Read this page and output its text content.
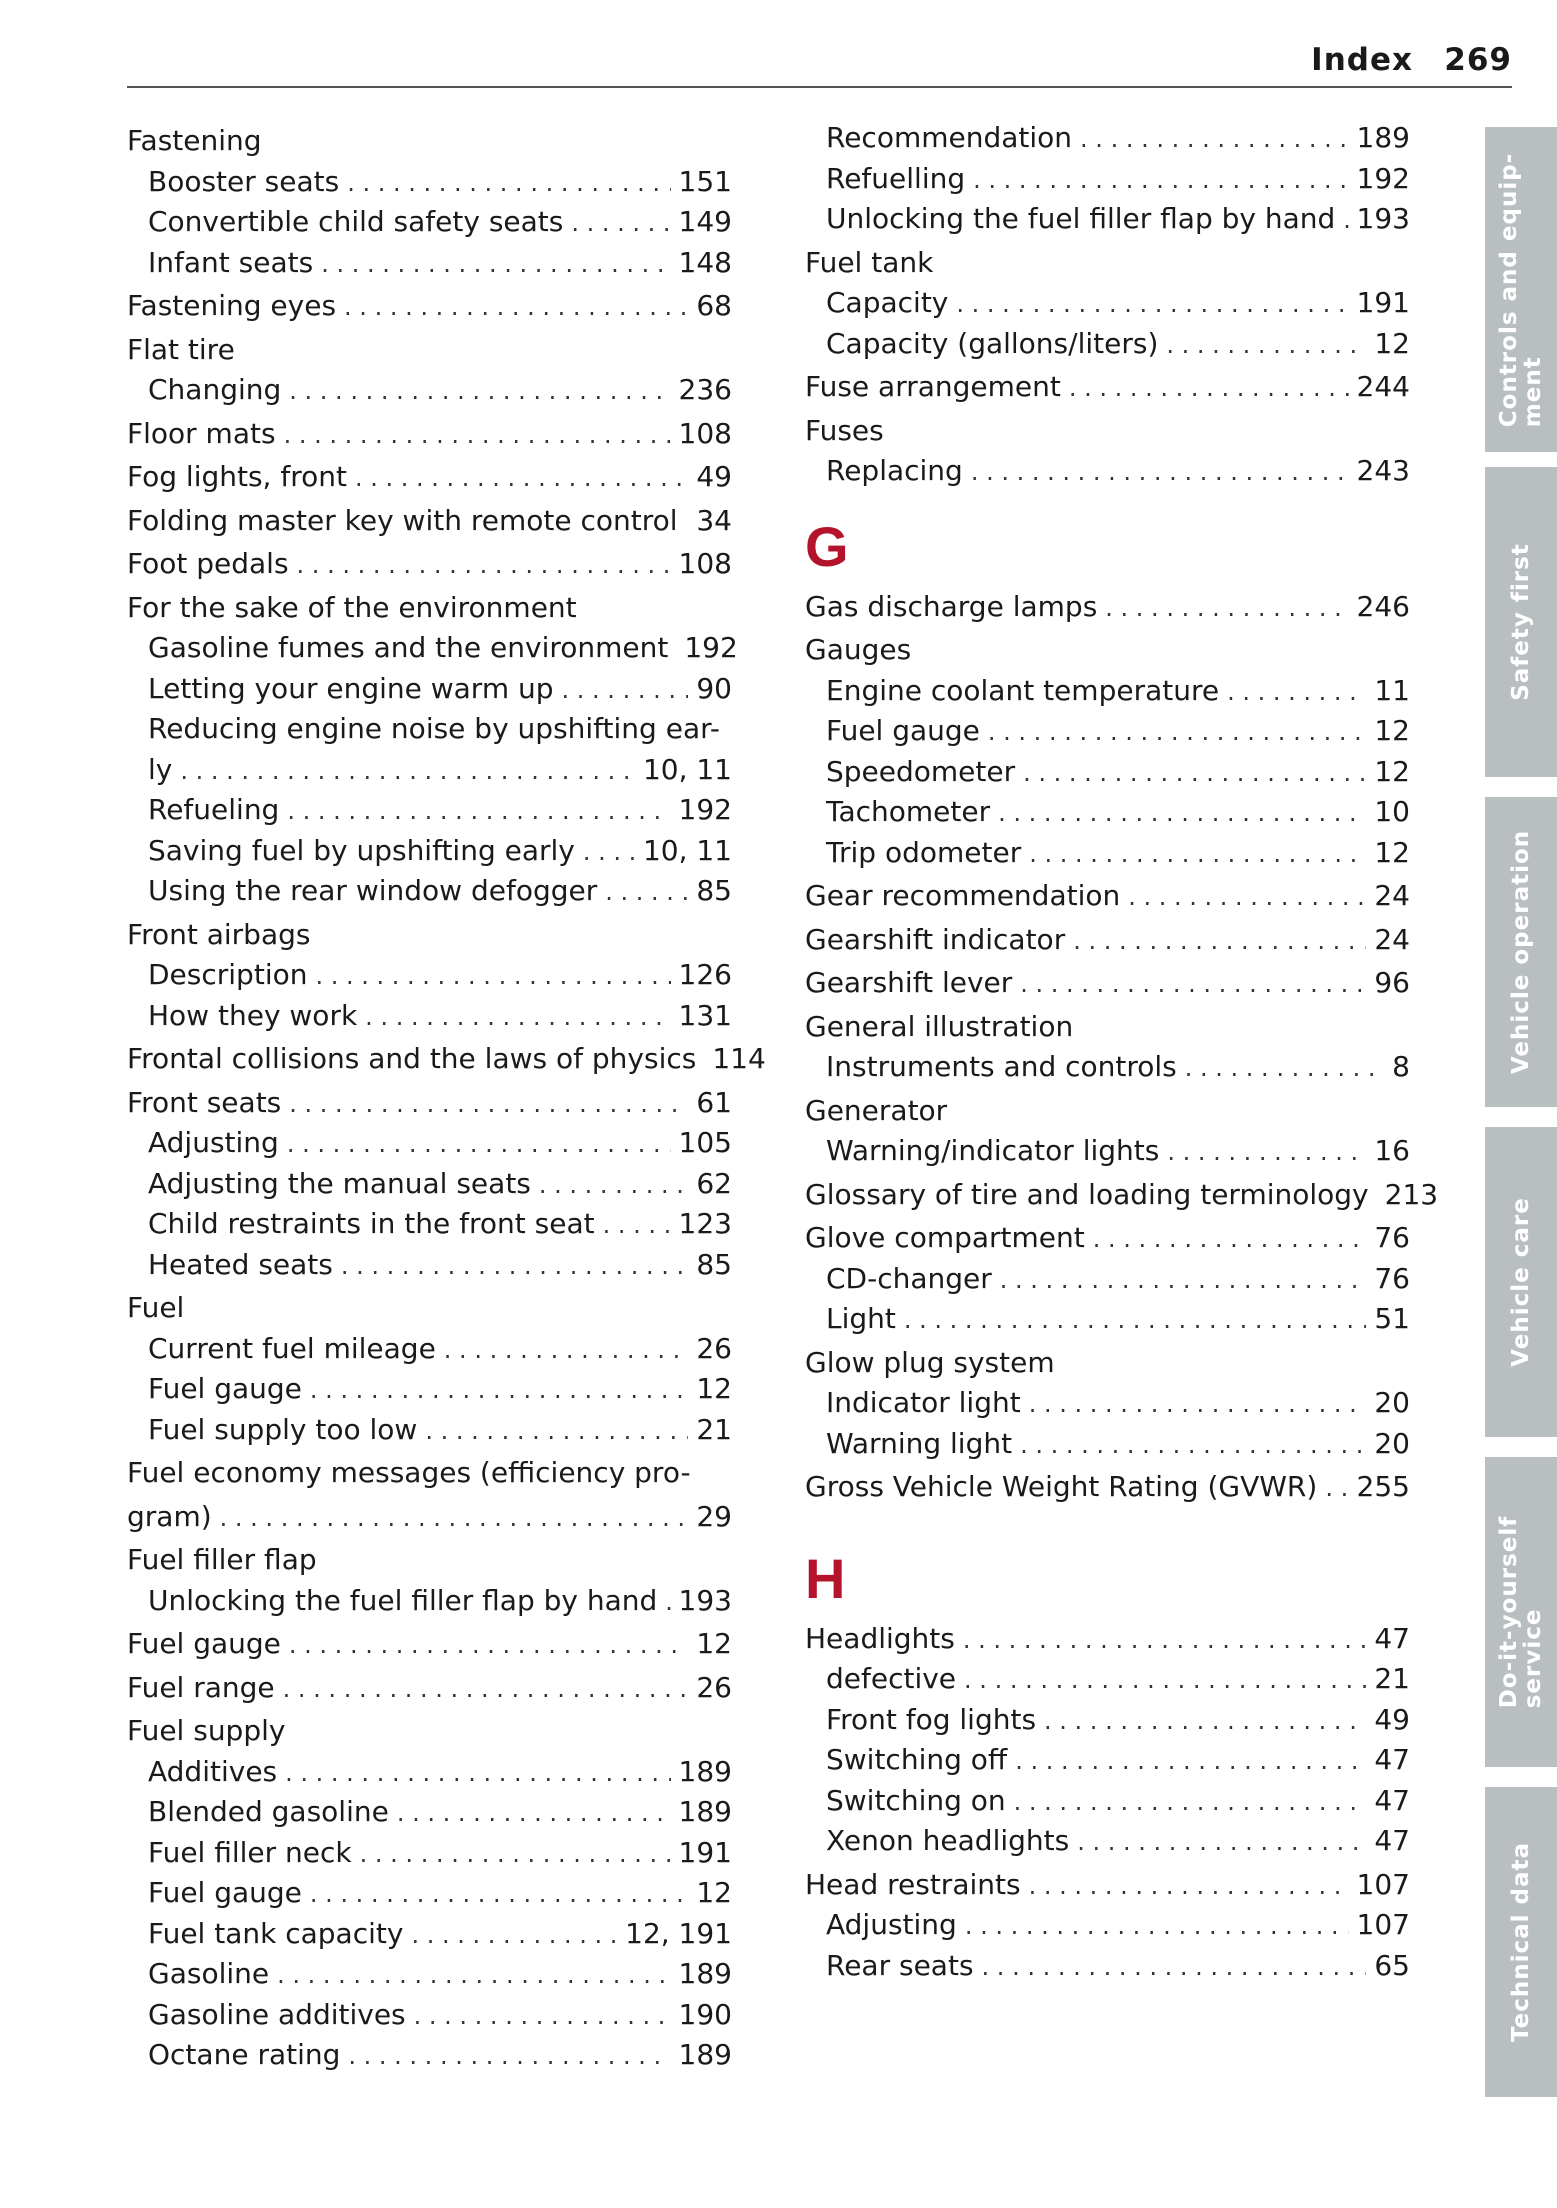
Index 269
Fastening
Booster seats . . .	151
Convertible child safety seats . . .	149
Infant seats . . .	148
Fastening eyes . . .	68
Flat tire
Changing . . .	236
Floor mats . . .	108
Fog lights, front . . .	49
Folding master key with remote control . . . 34
Foot pedals . . .	108
For the sake of the environment
Gasoline fumes and the environment 192
Letting your engine warm up . . .	90
Reducing engine noise by upshifting ear-
ly . . .	10, 11
Refueling . . .	192
Saving fuel by upshifting early . . . 10, 11
Using the rear window defogger . . .	85
Front airbags
Description . . .	126
How they work . . .	131
Frontal collisions and the laws of physics 114
Front seats . . .	61
Adjusting . . .	105
Adjusting the manual seats . . .	62
Child restraints in the front seat . . .	123
Heated seats . . .	85
Fuel
Current fuel mileage . . .	26
Fuel gauge . . .	12
Fuel supply too low . . .	21
Fuel economy messages (efficiency pro-
gram) . . .	29
Fuel filler flap
Unlocking the fuel filler flap by hand . . . 193
Fuel gauge . . .	12
Fuel range . . .	26
Fuel supply
Additives . . .	189
Blended gasoline . . .	189
Fuel filler neck . . .	191
Fuel gauge . . .	12
Fuel tank capacity . . .	12, 191
Gasoline . . .	189
Gasoline additives . . .	190
Octane rating . . .	189
Recommendation . . .	189
Refuelling . . .	192
Unlocking the fuel filler flap by hand . . . 193
Fuel tank
Capacity . . .	191
Capacity (gallons/liters) . . .	12
Fuse arrangement . . .	244
Fuses
Replacing . . .	243
G
Gas discharge lamps . . .	246
Gauges
Engine coolant temperature . . .	11
Fuel gauge . . .	12
Speedometer . . .	12
Tachometer . . .	10
Trip odometer . . .	12
Gear recommendation . . .	24
Gearshift indicator . . .	24
Gearshift lever . . .	96
General illustration
Instruments and controls . . .	8
Generator
Warning/indicator lights . . .	16
Glossary of tire and loading terminology 213
Glove compartment . . .	76
CD-changer . . .	76
Light . . .	51
Glow plug system
Indicator light . . .	20
Warning light . . .	20
Gross Vehicle Weight Rating (GVWR) . . . 255
H
Headlights . . .	47
defective . . .	21
Front fog lights . . .	49
Switching off . . .	47
Switching on . . .	47
Xenon headlights . . .	47
Head restraints . . .	107
Adjusting . . .	107
Rear seats . . .	65
Controls and equip-
ment
Safety first
Vehicle operation
Vehicle care
Do-it-yourself
service
Technical data
